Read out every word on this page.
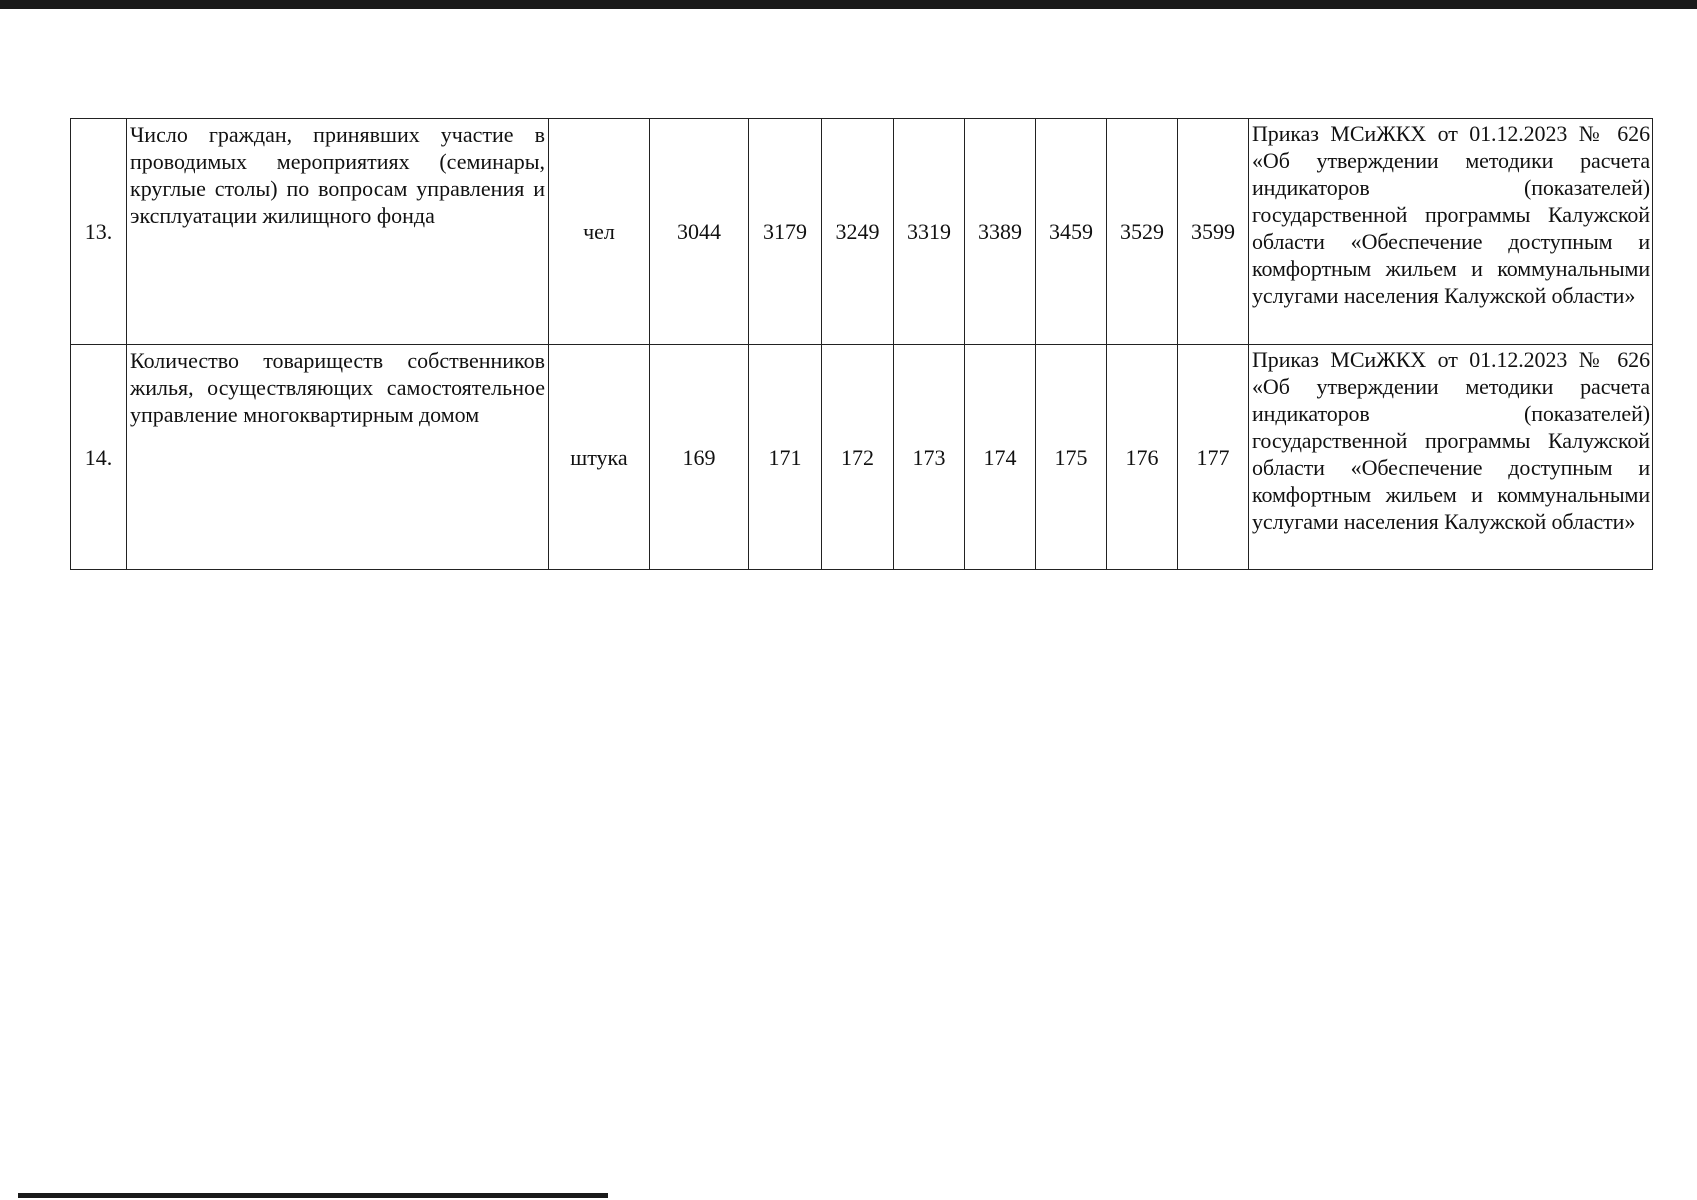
13.	Число граждан, принявших участие в проводимых мероприятиях (семинары, круглые столы) по вопросам управления и эксплуатации жилищного фонда	чел	3044	3179	3249	3319	3389	3459	3529	3599	Приказ МСиЖКХ от 01.12.2023 № 626 «Об утверждении методики расчета индикаторов (показателей) государственной программы Калужской области «Обеспечение доступным и комфортным жильем и коммунальными услугами населения Калужской области»
14.	Количество товариществ собственников жилья, осуществляющих самостоятельное управление многоквартирным домом	штука	169	171	172	173	174	175	176	177	Приказ МСиЖКХ от 01.12.2023 № 626 «Об утверждении методики расчета индикаторов (показателей) государственной программы Калужской области «Обеспечение доступным и комфортным жильем и коммунальными услугами населения Калужской области»
